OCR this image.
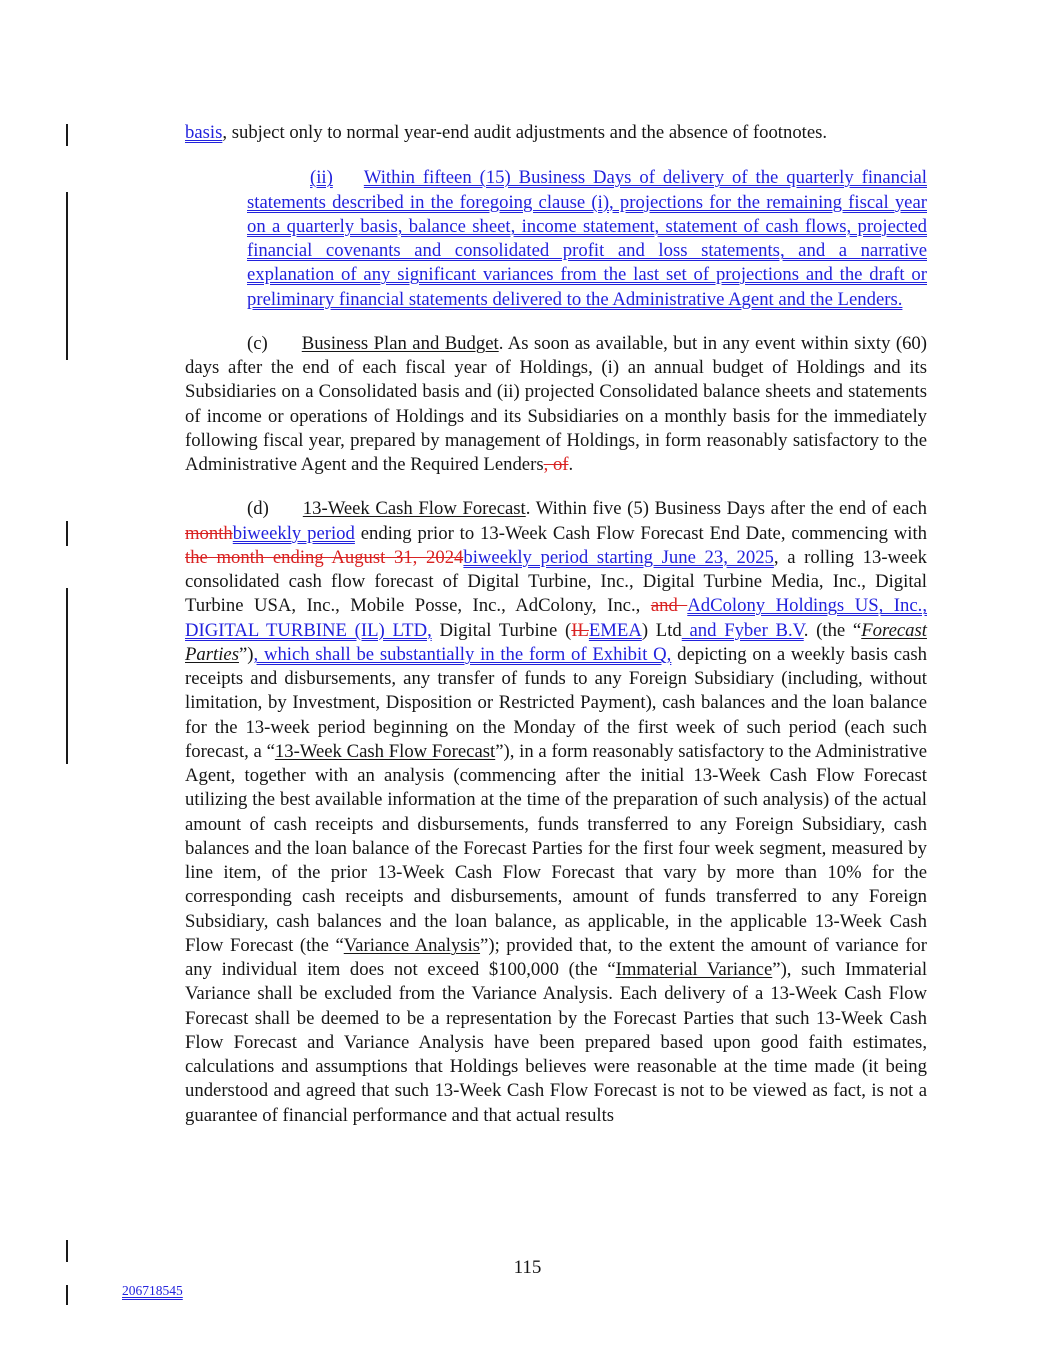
basis, subject only to normal year-end audit adjustments and the absence of footnotes.

(ii) Within fifteen (15) Business Days of delivery of the quarterly financial statements described in the foregoing clause (i), projections for the remaining fiscal year on a quarterly basis, balance sheet, income statement, statement of cash flows, projected financial covenants and consolidated profit and loss statements, and a narrative explanation of any significant variances from the last set of projections and the draft or preliminary financial statements delivered to the Administrative Agent and the Lenders.

(c) Business Plan and Budget. As soon as available, but in any event within sixty (60) days after the end of each fiscal year of Holdings, (i) an annual budget of Holdings and its Subsidiaries on a Consolidated basis and (ii) projected Consolidated balance sheets and statements of income or operations of Holdings and its Subsidiaries on a monthly basis for the immediately following fiscal year, prepared by management of Holdings, in form reasonably satisfactory to the Administrative Agent and the Required Lenders, of.

(d) 13-Week Cash Flow Forecast. Within five (5) Business Days after the end of each monthbiweekly period ending prior to 13-Week Cash Flow Forecast End Date, commencing with the month ending August 31, 2024biweekly period starting June 23, 2025, a rolling 13-week consolidated cash flow forecast of Digital Turbine, Inc., Digital Turbine Media, Inc., Digital Turbine USA, Inc., Mobile Posse, Inc., AdColony, Inc., and AdColony Holdings US, Inc., DIGITAL TURBINE (IL) LTD, Digital Turbine (ILEMEA) Ltd and Fyber B.V. (the “Forecast Parties”), which shall be substantially in the form of Exhibit Q, depicting on a weekly basis cash receipts and disbursements, any transfer of funds to any Foreign Subsidiary (including, without limitation, by Investment, Disposition or Restricted Payment), cash balances and the loan balance for the 13-week period beginning on the Monday of the first week of such period (each such forecast, a “13-Week Cash Flow Forecast”), in a form reasonably satisfactory to the Administrative Agent, together with an analysis (commencing after the initial 13-Week Cash Flow Forecast utilizing the best available information at the time of the preparation of such analysis) of the actual amount of cash receipts and disbursements, funds transferred to any Foreign Subsidiary, cash balances and the loan balance of the Forecast Parties for the first four week segment, measured by line item, of the prior 13-Week Cash Flow Forecast that vary by more than 10% for the corresponding cash receipts and disbursements, amount of funds transferred to any Foreign Subsidiary, cash balances and the loan balance, as applicable, in the applicable 13-Week Cash Flow Forecast (the “Variance Analysis”); provided that, to the extent the amount of variance for any individual item does not exceed $100,000 (the “Immaterial Variance”), such Immaterial Variance shall be excluded from the Variance Analysis. Each delivery of a 13-Week Cash Flow Forecast shall be deemed to be a representation by the Forecast Parties that such 13-Week Cash Flow Forecast and Variance Analysis have been prepared based upon good faith estimates, calculations and assumptions that Holdings believes were reasonable at the time made (it being understood and agreed that such 13-Week Cash Flow Forecast is not to be viewed as fact, is not a guarantee of financial performance and that actual results

115
206718545
